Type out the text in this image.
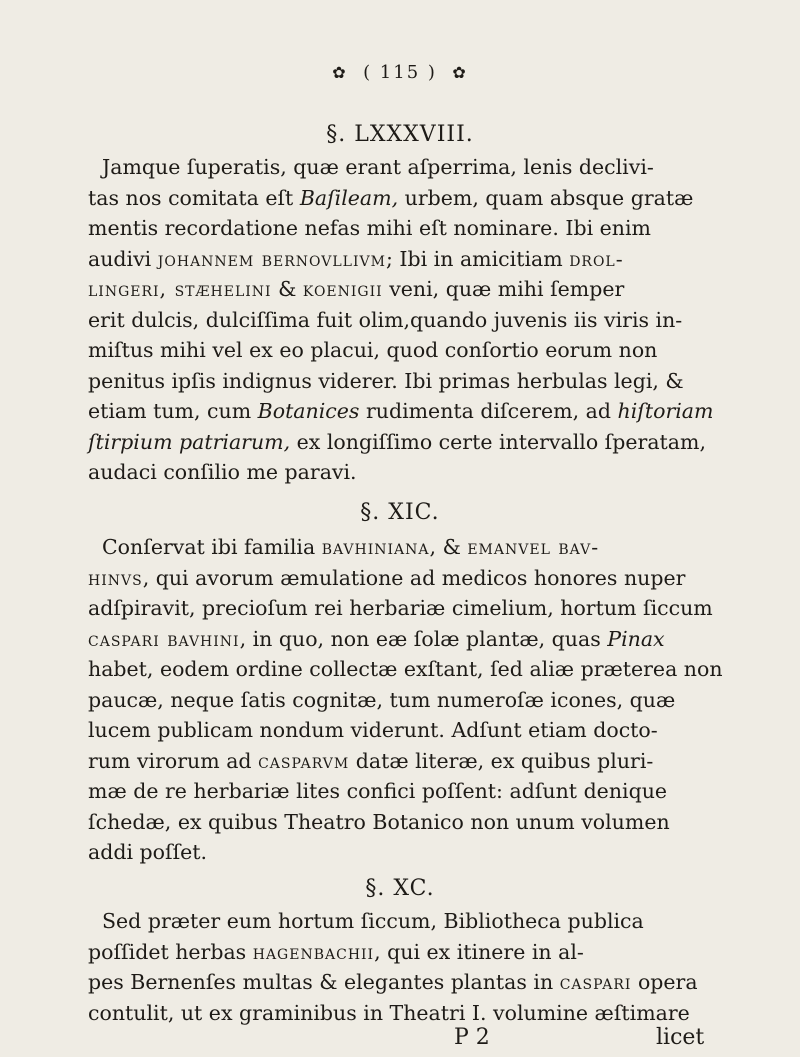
✿ ( 115 ) ✿
§. LXXXVIII.
Jamque ſuperatis, quæ erant aſperrima, lenis declivi-
tas nos comitata eſt Baſileam, urbem, quam absque gratæ
mentis recordatione nefas mihi eſt nominare. Ibi enim
audivi johannem bernovllivm; Ibi in amicitiam drol-
lingeri, stæhelini & koenigii veni, quæ mihi ſemper
erit dulcis, dulciſſima fuit olim,quando juvenis iis viris in-
miſtus mihi vel ex eo placui, quod conſortio eorum non
penitus ipſis indignus viderer. Ibi primas herbulas legi, &
etiam tum, cum Botanices rudimenta diſcerem, ad hiſtoriam
ſtirpium patriarum, ex longiſſimo certe intervallo ſperatam,
audaci conſilio me paravi.
§. XIC.
Conſervat ibi familia bavhiniana, & emanvel bav-
hinvs, qui avorum æmulatione ad medicos honores nuper
adſpiravit, precioſum rei herbariæ cimelium, hortum ſiccum
caspari bavhini, in quo, non eæ ſolæ plantæ, quas Pinax
habet, eodem ordine collectæ exſtant, ſed aliæ præterea non
paucæ, neque ſatis cognitæ, tum numeroſæ icones, quæ
lucem publicam nondum viderunt. Adſunt etiam docto-
rum virorum ad casparvm datæ literæ, ex quibus pluri-
mæ de re herbariæ lites confici poſſent: adſunt denique
ſchedæ, ex quibus Theatro Botanico non unum volumen
addi poſſet.
§. XC.
Sed præter eum hortum ſiccum, Bibliotheca publica
poſſidet herbas hagenbachii, qui ex itinere in al-
pes Bernenſes multas & elegantes plantas in caspari opera
contulit, ut ex graminibus in Theatri I. volumine æſtimare
P 2	licet
